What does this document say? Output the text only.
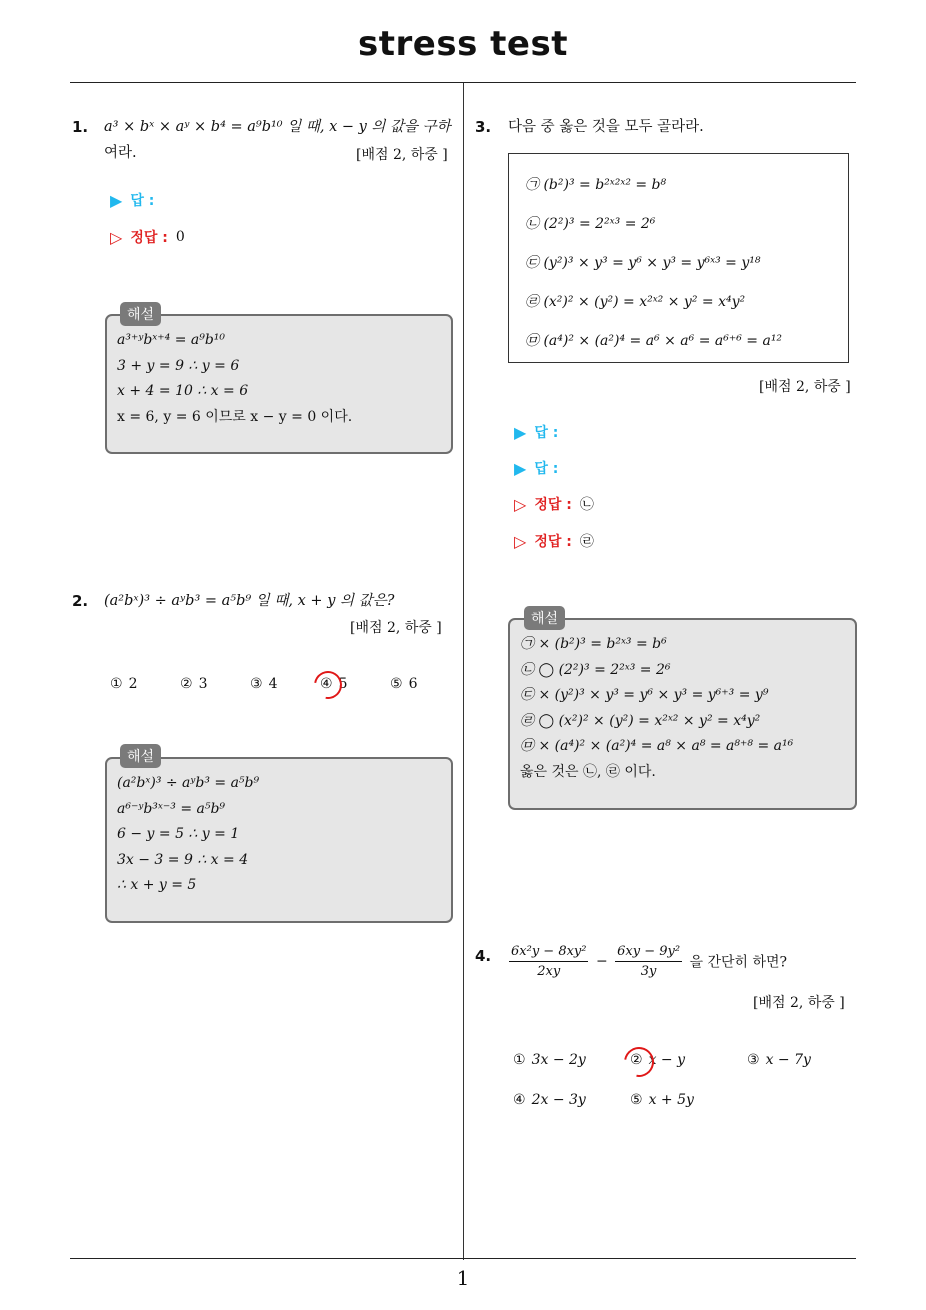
stress test
1
1. a³ × bˣ × aʸ × b⁴ = a⁹b¹⁰ 일 때, x − y 의 값을 구하
여라.	[배점 2, 하중 ]
▶ 답 :
▷ 정답 : 0
a³⁺ʸbˣ⁺⁴ = a⁹b¹⁰
3 + y = 9 ∴ y = 6
x + 4 = 10 ∴ x = 6
x = 6, y = 6 이므로 x − y = 0 이다.
해설
2. (a²bˣ)³ ÷ aʸb³ = a⁵b⁹ 일 때, x + y 의 값은?
[배점 2, 하중 ]
① 2	② 3	③ 4	④ 5	⑤ 6
(a²bˣ)³ ÷ aʸb³ = a⁵b⁹
a⁶⁻ʸb³ˣ⁻³ = a⁵b⁹
6 − y = 5 ∴ y = 1
3x − 3 = 9 ∴ x = 4
∴ x + y = 5
해설
3. 다음 중 옳은 것을 모두 골라라.
㉠ (b²)³ = b²ˣ²ˣ² = b⁸
㉡ (2²)³ = 2²ˣ³ = 2⁶
㉢ (y²)³ × y³ = y⁶ × y³ = y⁶ˣ³ = y¹⁸
㉣ (x²)² × (y²) = x²ˣ² × y² = x⁴y²
㉤ (a⁴)² × (a²)⁴ = a⁶ × a⁶ = a⁶⁺⁶ = a¹²
[배점 2, 하중 ]
▶ 답 :
▶ 답 :
▷ 정답 : ㉡
▷ 정답 : ㉣
㉠ × (b²)³ = b²ˣ³ = b⁶
㉡ ◯ (2²)³ = 2²ˣ³ = 2⁶
㉢ × (y²)³ × y³ = y⁶ × y³ = y⁶⁺³ = y⁹
㉣ ◯ (x²)² × (y²) = x²ˣ² × y² = x⁴y²
㉤ × (a⁴)² × (a²)⁴ = a⁸ × a⁸ = a⁸⁺⁸ = a¹⁶
옳은 것은 ㉡, ㉣ 이다.
해설
4. $\frac{\text{6x²y − 8xy²}}{2xy} - \frac{\text{6xy − 9y²}}{3y}$ 을 간단히 하면?
[배점 2, 하중 ]
① 3x − 2y	② x − y	③ x − 7y
④ 2x − 3y	⑤ x + 5y
